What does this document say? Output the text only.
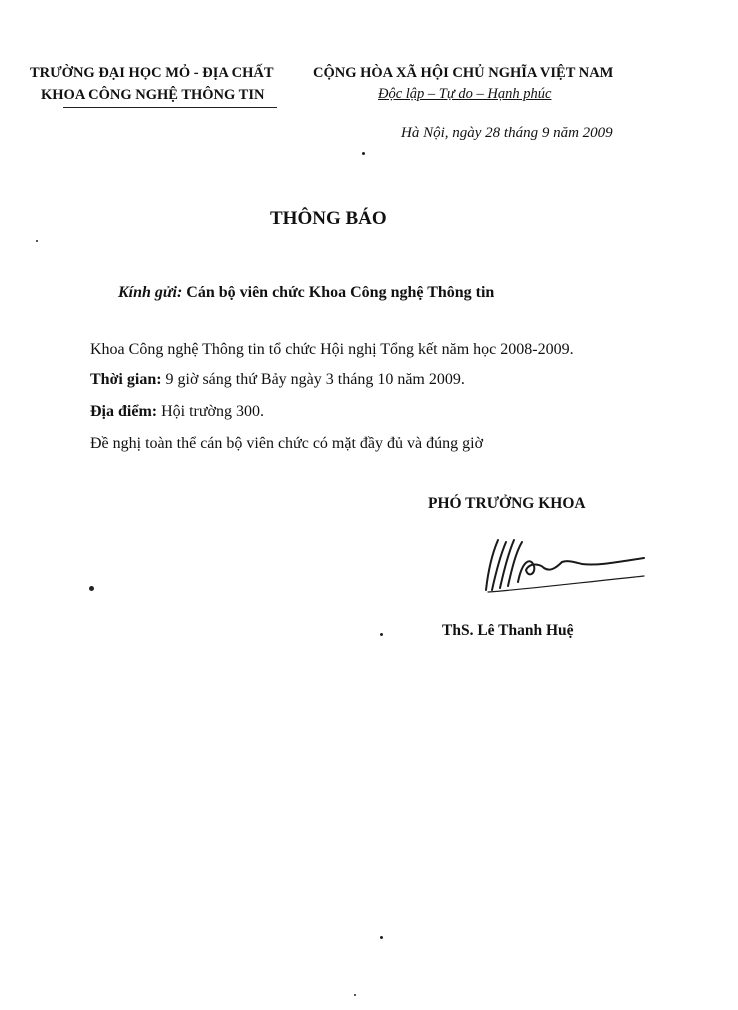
TRƯỜNG ĐẠI HỌC MỎ - ĐỊA CHẤT
KHOA CÔNG NGHỆ THÔNG TIN
CỘNG HÒA XÃ HỘI CHỦ NGHĨA VIỆT NAM
Độc lập – Tự do – Hạnh phúc
Hà Nội, ngày 28 tháng 9 năm 2009
THÔNG BÁO
Kính gửi: Cán bộ viên chức Khoa Công nghệ Thông tin
Khoa Công nghệ Thông tin tổ chức Hội nghị Tổng kết năm học 2008-2009.
Thời gian: 9 giờ sáng thứ Bảy ngày 3 tháng 10 năm 2009.
Địa điểm: Hội trường 300.
Đề nghị toàn thể cán bộ viên chức có mặt đầy đủ và đúng giờ
PHÓ TRƯỞNG KHOA
ThS. Lê Thanh Huệ
